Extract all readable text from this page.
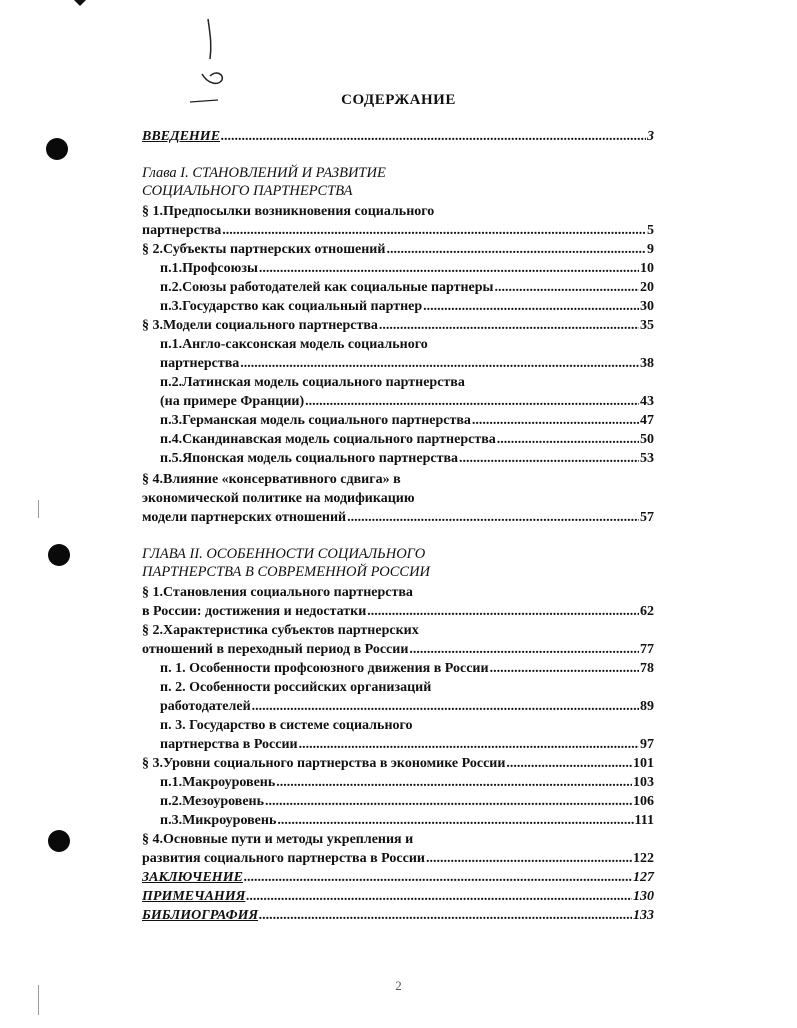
СОДЕРЖАНИЕ
ВВЕДЕНИЕ .....	3
Глава I. СТАНОВЛЕНИЙ И РАЗВИТИЕ
СОЦИАЛЬНОГО ПАРТНЕРСТВА
§ 1.Предпосылки возникновения социального
партнерства .....	5
§ 2.Субъекты партнерских отношений .....	9
п.1.Профсоюзы .....	10
п.2.Союзы работодателей как социальные партнеры .....	20
п.3.Государство как социальный партнер .....	30
§ 3.Модели социального партнерства .....	35
п.1.Англо-саксонская модель социального
партнерства .....	38
п.2.Латинская модель социального партнерства
(на примере Франции) .....	43
п.3.Германская модель социального партнерства .....	47
п.4.Скандинавская модель социального партнерства .....	50
п.5.Японская модель социального партнерства .....	53
§ 4.Влияние «консервативного сдвига» в
экономической политике на модификацию
модели партнерских отношений .....	57
ГЛАВА II. ОСОБЕННОСТИ СОЦИАЛЬНОГО
ПАРТНЕРСТВА В СОВРЕМЕННОЙ РОССИИ
§ 1.Становления социального партнерства
в России: достижения и недостатки .....	62
§ 2.Характеристика субъектов партнерских
отношений в переходный период в России .....	77
п. 1. Особенности профсоюзного движения в России .....	78
п. 2. Особенности российских организаций
работодателей .....	89
п. 3. Государство в системе социального
партнерства в России .....	97
§ 3.Уровни социального партнерства в экономике России .....	101
п.1.Макроуровень .....	103
п.2.Мезоуровень .....	106
п.3.Микроуровень .....	111
§ 4.Основные пути и методы укрепления и
развития социального партнерства в России .....	122
ЗАКЛЮЧЕНИЕ .....	127
ПРИМЕЧАНИЯ .....	130
БИБЛИОГРАФИЯ .....	133
2
